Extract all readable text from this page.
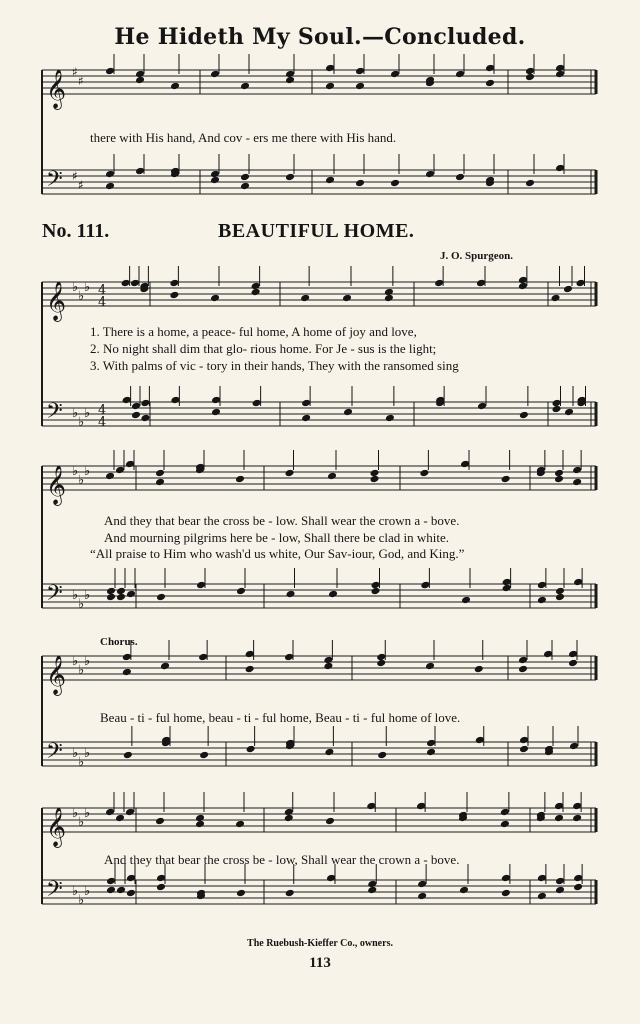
He Hideth My Soul.—Concluded.
𝄞 ♯
♯
𝄢 ♯
♯
𝄞 ♭
♭
♭ 4
4
𝄢 ♭
♭
♭ 4
4
𝄞 ♭
♭
♭
𝄢 ♭
♭
♭
𝄞 ♭
♭
♭
𝄢 ♭
♭
♭
𝄞 ♭
♭
♭
𝄢 ♭
♭
♭
there with His hand, And cov - ers me there with His hand.
No. 111.	BEAUTIFUL HOME.
J. O. Spurgeon.
1. There is a home, a peace- ful home, A home of joy and love,
2. No night shall dim that glo- rious home. For Je - sus is the light;
3. With palms of vic - tory in their hands, They with the ransomed sing
And they that bear the cross be - low. Shall wear the crown a - bove.
And mourning pilgrims here be - low, Shall there be clad in white.
“All praise to Him who wash'd us white, Our Sav-iour, God, and King.”
Chorus.
Beau - ti - ful home, beau - ti - ful home, Beau - ti - ful home of love.
And they that bear the cross be - low, Shall wear the crown a - bove.
The Ruebush-Kieffer Co., owners.
113
